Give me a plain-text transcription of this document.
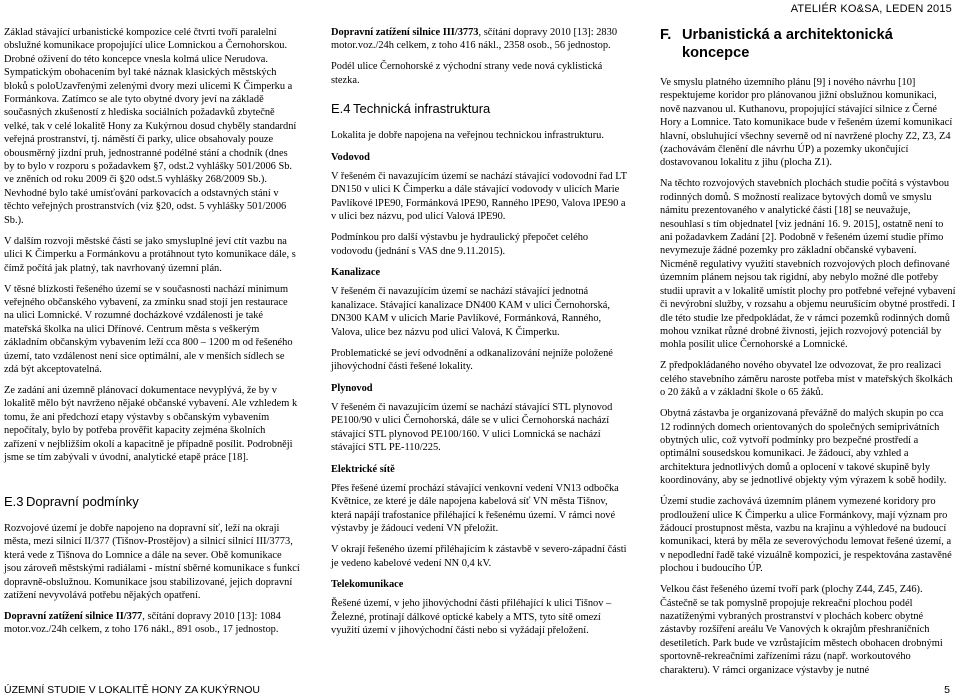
ATELIÉR KO&SA, LEDEN 2015

Základ stávající urbanistické kompozice celé čtvrti tvoří paralelní obslužné komunikace propojující ulice Lomnickou a Černohorskou. Drobné oživení do této koncepce vnesla kolmá ulice Nerudova. Sympatickým obohacením byl také náznak klasických městských bloků s poloUzavřenými zelenými dvory mezi ulicemi K Čimperku a Formánkova. Zatímco se ale tyto obytné dvory jeví na základě současných zkušeností z hlediska sociálních požadavků zbytečně velké, tak v celé lokalitě Hony za Kukýrnou dosud chyběly standardní veřejná prostranství, tj. náměstí či parky, ulice obsahovaly pouze obousměrný jízdní pruh, jednostranné podélné stání a chodník (dnes by to bylo v rozporu s požadavkem §7, odst.2 vyhlášky 501/2006 Sb. ve zněních od roku 2009 či §20 odst.5 vyhlášky 268/2009 Sb.). Nevhodné bylo také umísťování parkovacích a odstavných stání v těchto veřejných prostranstvích (viz §20, odst. 5 vyhlášky 501/2006 Sb.).

V dalším rozvoji městské části se jako smysluplné jeví ctít vazbu na ulici K Čimperku a Formánkovu a protáhnout tyto komunikace dále, s čímž počítá jak platný, tak navrhovaný územní plán.

V těsné blízkosti řešeného území se v současnosti nachází minimum veřejného občanského vybavení, za zmínku snad stojí jen restaurace na ulici Lomnické. V rozumné docházkové vzdálenosti je také mateřská školka na ulici Dřínové. Centrum města s veškerým základním občanským vybavením leží cca 800 – 1200 m od řešeného území, tato vzdálenost není sice optimální, ale v menších sídlech se zdá být akceptovatelná.

Ze zadání ani územně plánovací dokumentace nevyplývá, že by v lokalitě mělo být navrženo nějaké občanské vybavení. Ale vzhledem k tomu, že ani předchozí etapy výstavby s občanským vybavením nepočítaly, bylo by potřeba prověřit kapacity zejména školních zařízení v nejbližším okolí a kapacitně je případně posílit. Podrobněji jsme se tím zabývali v úvodní, analytické etapě práce [18].

E.3 Dopravní podmínky

Rozvojové území je dobře napojeno na dopravní síť, leží na okraji města, mezi silnicí II/377 (Tišnov-Prostějov) a silnicí silnicí III/3773, která vede z Tišnova do Lomnice a dále na sever. Obě komunikace jsou zároveň městskými radiálami - místní sběrné komunikace s funkcí dopravně-obslužnou. Komunikace jsou stabilizované, jejich dopravní zatížení nevyvolává potřebu nějakých opatření.

Dopravní zatížení silnice II/377, sčítání dopravy 2010 [13]: 1084 motor.voz./24h celkem, z toho 176 nákl., 891 osob., 17 jednostop.

Dopravní zatížení silnice III/3773, sčítání dopravy 2010 [13]: 2830 motor.voz./24h celkem, z toho 416 nákl., 2358 osob., 56 jednostop.

Podél ulice Černohorské z východní strany vede nová cyklistická stezka.

E.4 Technická infrastruktura

Lokalita je dobře napojena na veřejnou technickou infrastrukturu.

Vodovod

V řešeném či navazujícím území se nachází stávající vodovodní řad LT DN150 v ulici K Čimperku a dále stávající vodovody v ulicích Marie Pavlíkové lPE90, Formánková lPE90, Ranného lPE90, Valova lPE90 a v ulici bez názvu, pod ulicí Valová lPE90.

Podmínkou pro další výstavbu je hydraulický přepočet celého vodovodu (jednání s VAS dne 9.11.2015).

Kanalizace

V řešeném či navazujícím území se nachází stávající jednotná kanalizace. Stávající kanalizace DN400 KAM v ulici Černohorská, DN300 KAM v ulicích Marie Pavlíkové, Formánková, Ranného, Valova, ulice bez názvu pod ulicí Valová, K Čimperku.

Problematické se jeví odvodnění a odkanalizování nejníže položené jihovýchodní části řešené lokality.

Plynovod

V řešeném či navazujícím území se nachází stávající STL plynovod PE100/90 v ulici Černohorská, dále se v ulici Černohorská nachází stávající STL plynovod PE100/160. V ulici Lomnická se nachází stávající STL PE-110/225.

Elektrické sítě

Přes řešené území prochází stávající venkovní vedení VN13 odbočka Květnice, ze které je dále napojena kabelová síť VN města Tišnov, která napájí trafostanice přiléhající k řešenému území. V rámci nové výstavby je žádoucí vedení VN přeložit.

V okrají řešeného území přiléhajícím k zástavbě v severo-západní části je vedeno kabelové vedení NN 0,4 kV.

Telekomunikace

Řešené území, v jeho jihovýchodní části přiléhající k ulici Tišnov – Železné, protínají dálkové optické kabely a MTS, tyto sítě omezí využití území v jihovýchodní části nebo si vyžádají přeložení.

F. Urbanistická a architektonická koncepce

Ve smyslu platného územního plánu [9] i nového návrhu [10] respektujeme koridor pro plánovanou jižní obslužnou komunikaci, nově nazvanou ul. Kuthanovu, propojující stávající silnice z Černé Hory a Lomnice. Tato komunikace bude v řešeném území komunikací hlavní, obsluhující všechny severně od ní navržené plochy Z2, Z3, Z4 (zachovávám členění dle návrhu ÚP) a pozemky ukončující dostavovanou lokalitu z jihu (plocha Z1).

Na těchto rozvojových stavebních plochách studie počítá s výstavbou rodinných domů. S možností realizace bytových domů ve smyslu námitu prezentovaného v analytické části [18] se neuvažuje, nesouhlasí s tím objednatel [viz jednání 16. 9. 2015], ostatně není to ani požadavkem Zadání [2]. Podobně v řešeném území studie přímo nevymezuje žádné pozemky pro základní občanské vybavení. Nicméně regulativy využití stavebních rozvojových ploch definované územním plánem nejsou tak rigidní, aby nebylo možné dle potřeby studii upravit a v lokalitě umístit plochy pro potřebné veřejné vybavení či nevýrobní služby, v rozsahu a objemu neurušícím obytné prostředí. I dle této studie lze předpokládat, že v rámci pozemků rodinných domů mohou vznikat různé drobné živnosti, jejich rozvojový potenciál by mohla posílit ulice Černohorské a Lomnické.

Z předpokládaného nového obyvatel lze odvozovat, že pro realizaci celého stavebního záměru naroste potřeba míst v mateřských školkách o 20 žáků a v základní škole o 65 žáků.

Obytná zástavba je organizovaná převážně do malých skupin po cca 12 rodinných domech orientovaných do společných semiprivátních obytných ulic, což vytvoří podmínky pro bezpečné prostředí a optimální sousedskou komunikaci. Je žádoucí, aby vzhled a architektura jednotlivých domů a oplocení v takové skupině byly koordinovány, aby se jednotlivé objekty vým výrazem k sobě hodily.

Území studie zachovává územním plánem vymezené koridory pro prodloužení ulice K Čimperku a ulice Formánkovy, mají význam pro žádoucí prostupnost města, vazbu na krajinu a výhledové na budoucí komunikaci, která by měla ze severovýchodu lemovat řešené území, a v nepodlední řadě také vizuálně kompozici, je respektována zastavěné plochou i budoucího ÚP.

Velkou část řešeného území tvoří park (plochy Z44, Z45, Z46). Částečně se tak pomyslně propojuje rekreační plochou podél nazatíženými vybraných prostranství v plochách koberc obytné zástavby rozšíření areálu Ve Vanových k okrajům přeshraníčních desetiletích. Park bude ve vzrůstajícím městech obohacen drobnými sportovně-rekreačními zařízeními rázu (např. workoutového charakteru). V rámci organizace výstavby je nutné

ÚZEMNÍ STUDIE V LOKALITĚ HONY ZA KUKÝRNOU	5
